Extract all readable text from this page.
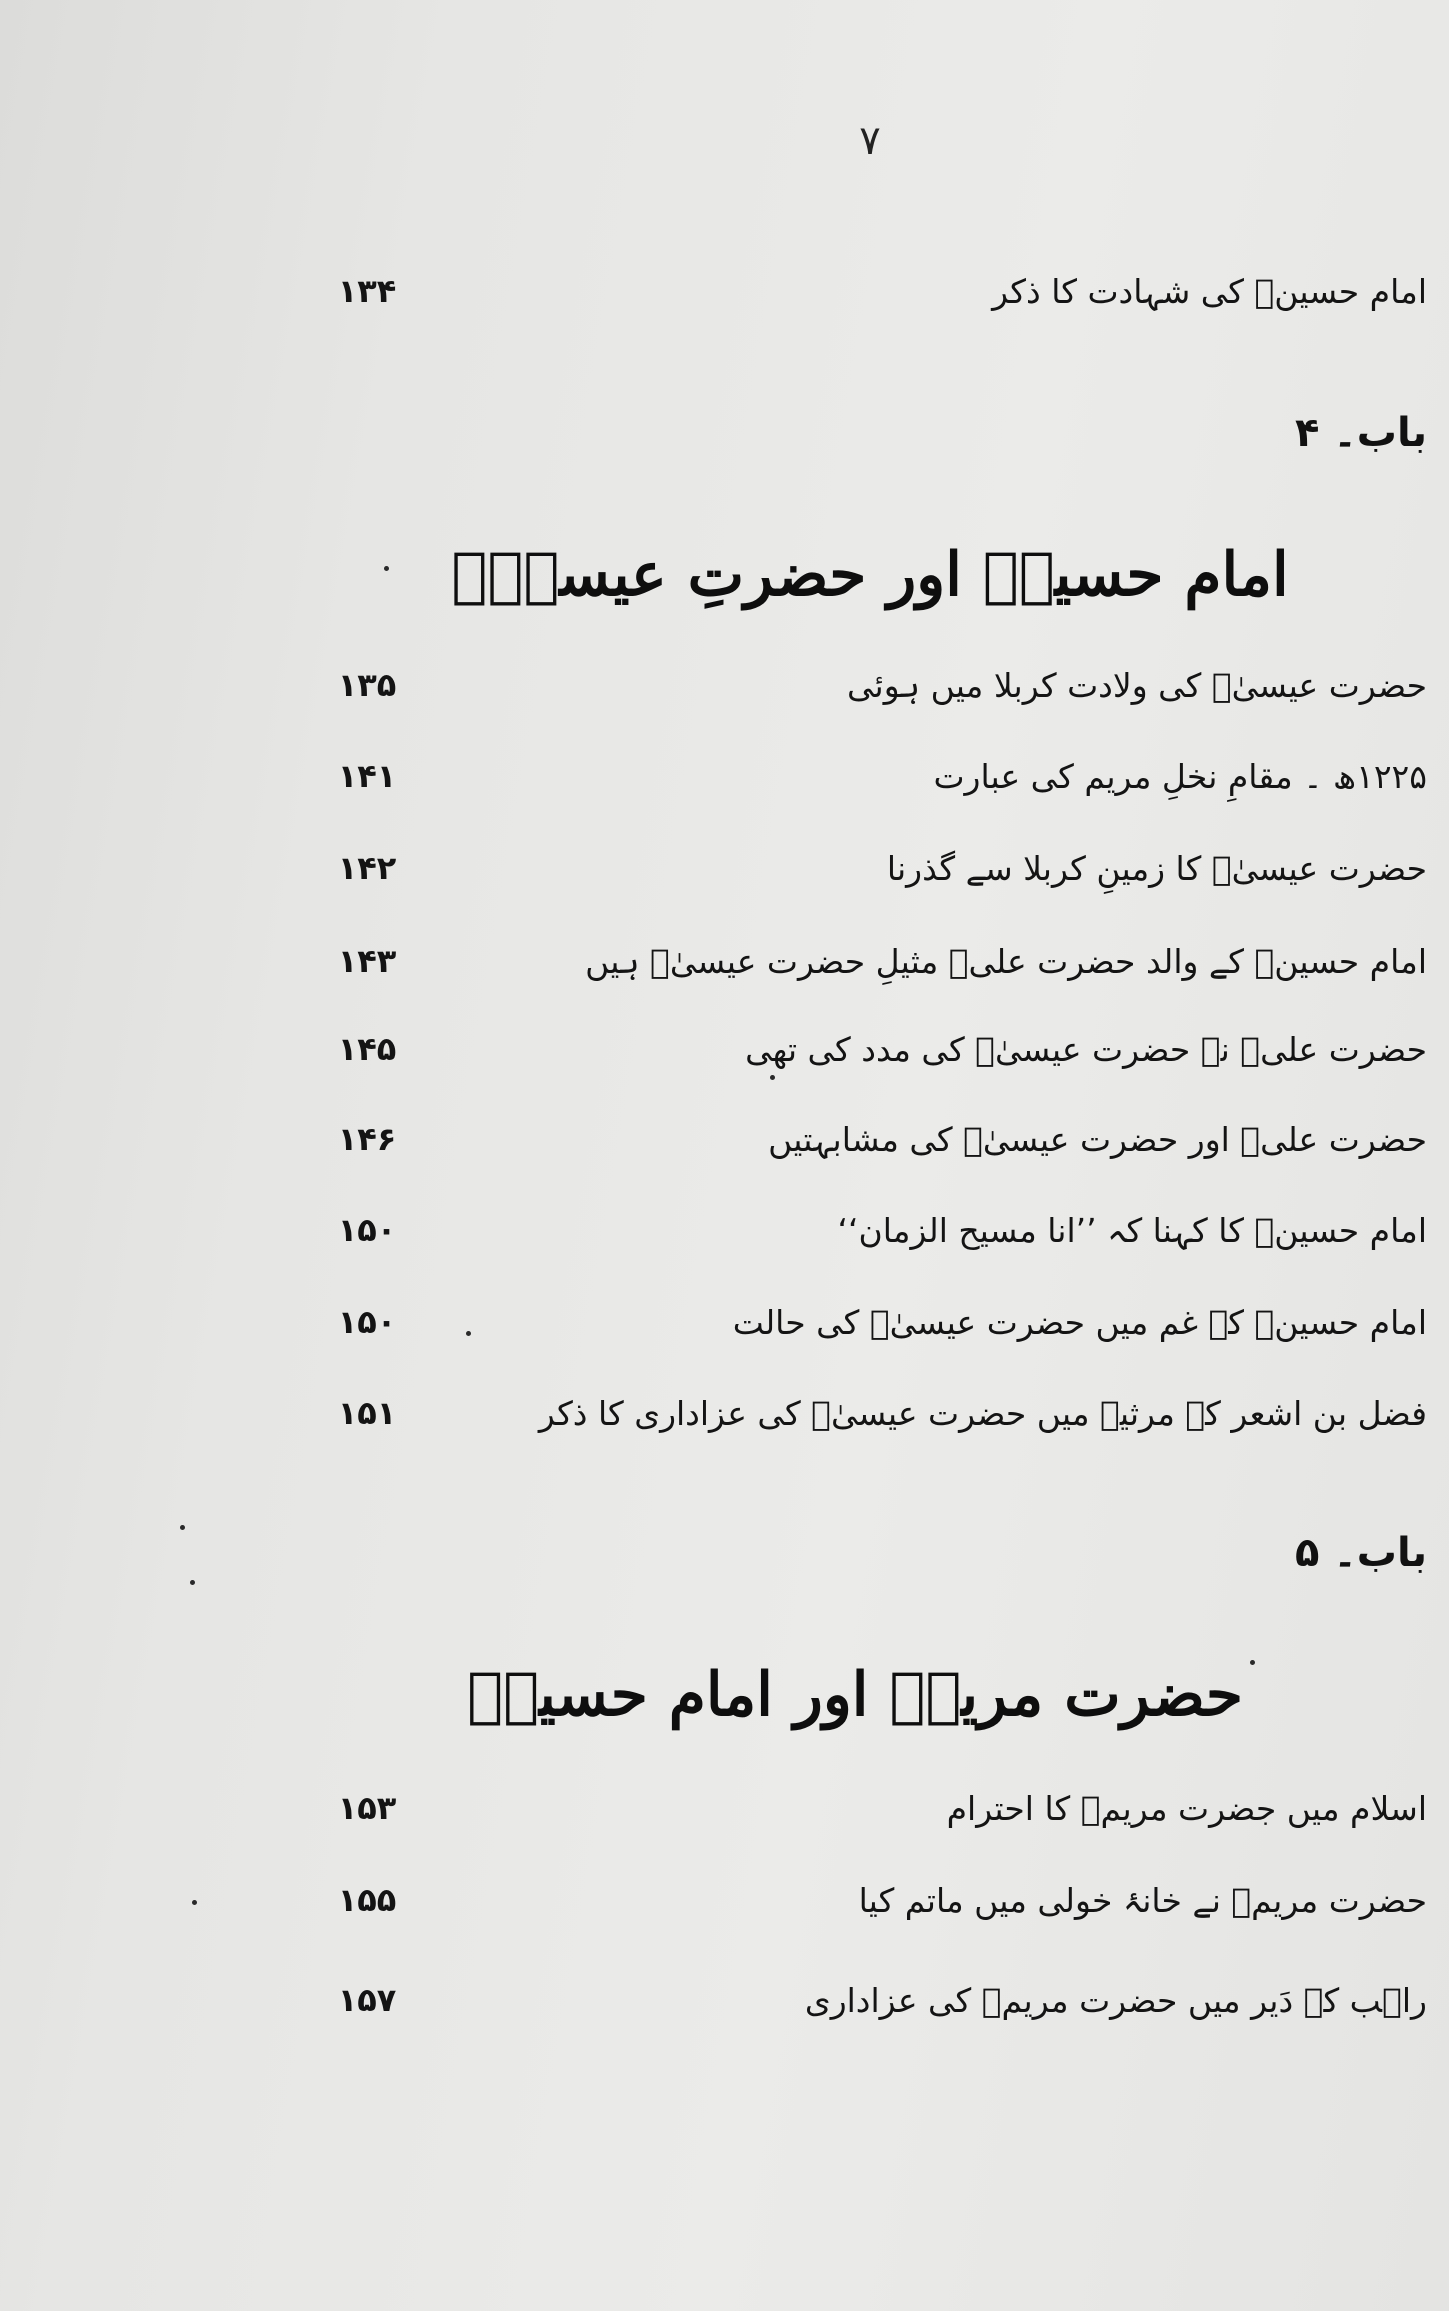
۷
امام حسینؑ کی شہادت کا ذکر
۱۳۴
باب۔ ۴
امام حسینؑ اور حضرتِ عیسیٰؑ
حضرت عیسیٰؑ کی ولادت کربلا میں ہوئی
۱۳۵
۱۲۲۵ھ ۔ مقامِ نخلِ مریم کی عبارت
۱۴۱
حضرت عیسیٰؑ کا زمینِ کربلا سے گذرنا
۱۴۲
امام حسینؑ کے والد حضرت علیؑ مثیلِ حضرت عیسیٰؑ ہیں
۱۴۳
حضرت علیؑ نے حضرت عیسیٰؑ کی مدد کی تھی
۱۴۵
حضرت علیؑ اور حضرت عیسیٰؑ کی مشابہتیں
۱۴۶
امام حسینؑ کا کہنا کہ ’’انا مسیح الزمان‘‘
۱۵۰
امام حسینؑ کے غم میں حضرت عیسیٰؑ کی حالت
۱۵۰
فضل بن اشعر کے مرثیے میں حضرت عیسیٰؑ کی عزاداری کا ذکر
۱۵۱
باب۔ ۵
حضرت مریمؑ اور امام حسینؑ
اسلام میں جضرت مریمؑ کا احترام
۱۵۳
حضرت مریمؑ نے خانۂ خولی میں ماتم کیا
۱۵۵
راہب کے دَیر میں حضرت مریمؑ کی عزاداری
۱۵۷
